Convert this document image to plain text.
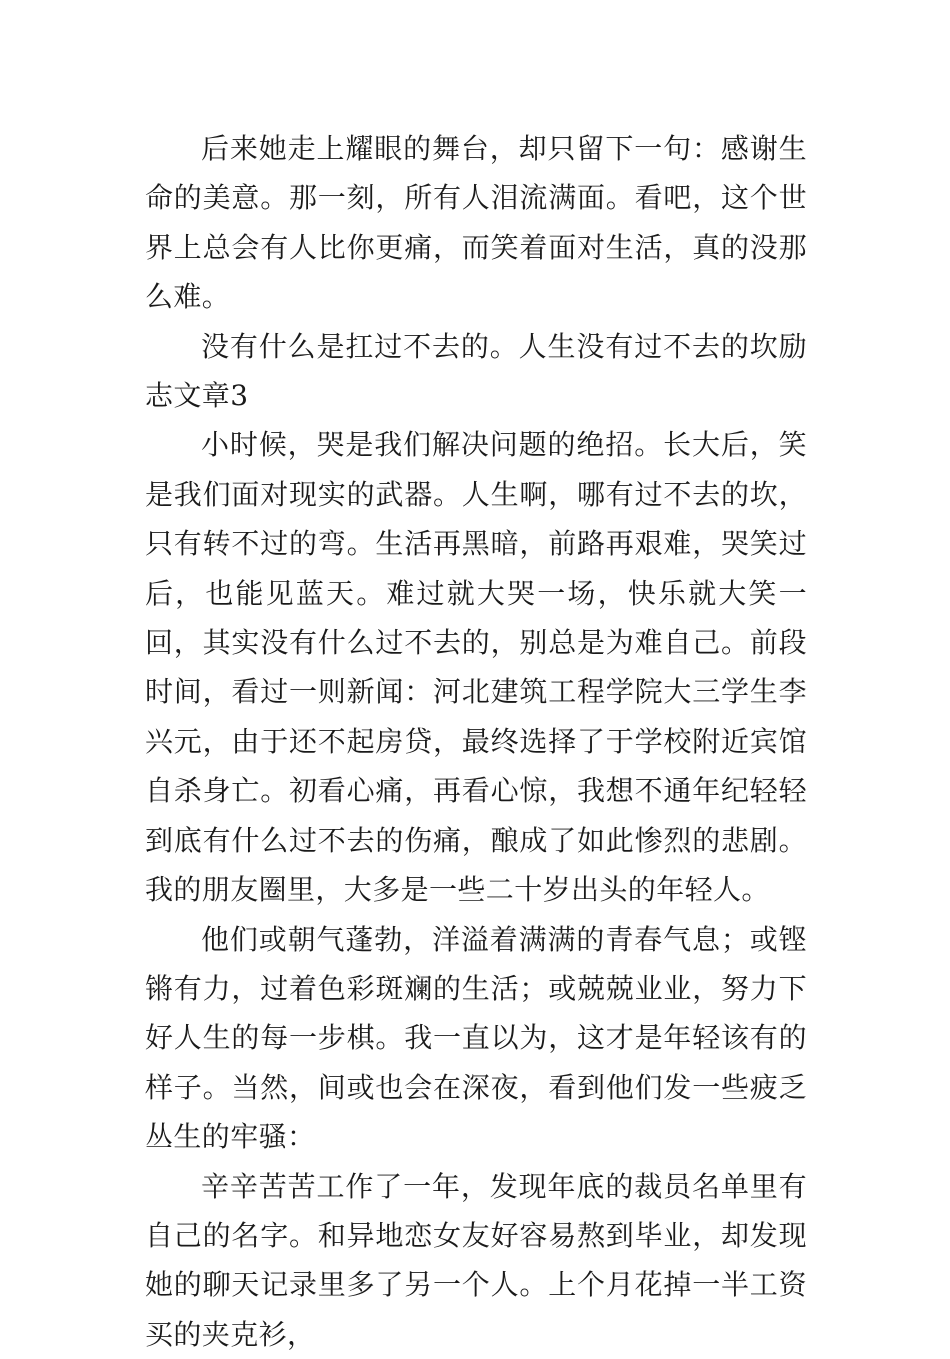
后来她走上耀眼的舞台，却只留下一句：感谢生命的美意。那一刻，所有人泪流满面。看吧，这个世界上总会有人比你更痛，而笑着面对生活，真的没那么难。

没有什么是扛过不去的。人生没有过不去的坎励志文章3

小时候，哭是我们解决问题的绝招。长大后，笑是我们面对现实的武器。人生啊，哪有过不去的坎，只有转不过的弯。生活再黑暗，前路再艰难，哭笑过后，也能见蓝天。难过就大哭一场，快乐就大笑一回，其实没有什么过不去的，别总是为难自己。前段时间，看过一则新闻：河北建筑工程学院大三学生李兴元，由于还不起房贷，最终选择了于学校附近宾馆自杀身亡。初看心痛，再看心惊，我想不通年纪轻轻到底有什么过不去的伤痛，酿成了如此惨烈的悲剧。我的朋友圈里，大多是一些二十岁出头的年轻人。

他们或朝气蓬勃，洋溢着满满的青春气息；或铿锵有力，过着色彩斑斓的生活；或兢兢业业，努力下好人生的每一步棋。我一直以为，这才是年轻该有的样子。当然，间或也会在深夜，看到他们发一些疲乏丛生的牢骚：

辛辛苦苦工作了一年，发现年底的裁员名单里有自己的名字。和异地恋女友好容易熬到毕业，却发现她的聊天记录里多了另一个人。上个月花掉一半工资买的夹克衫，
